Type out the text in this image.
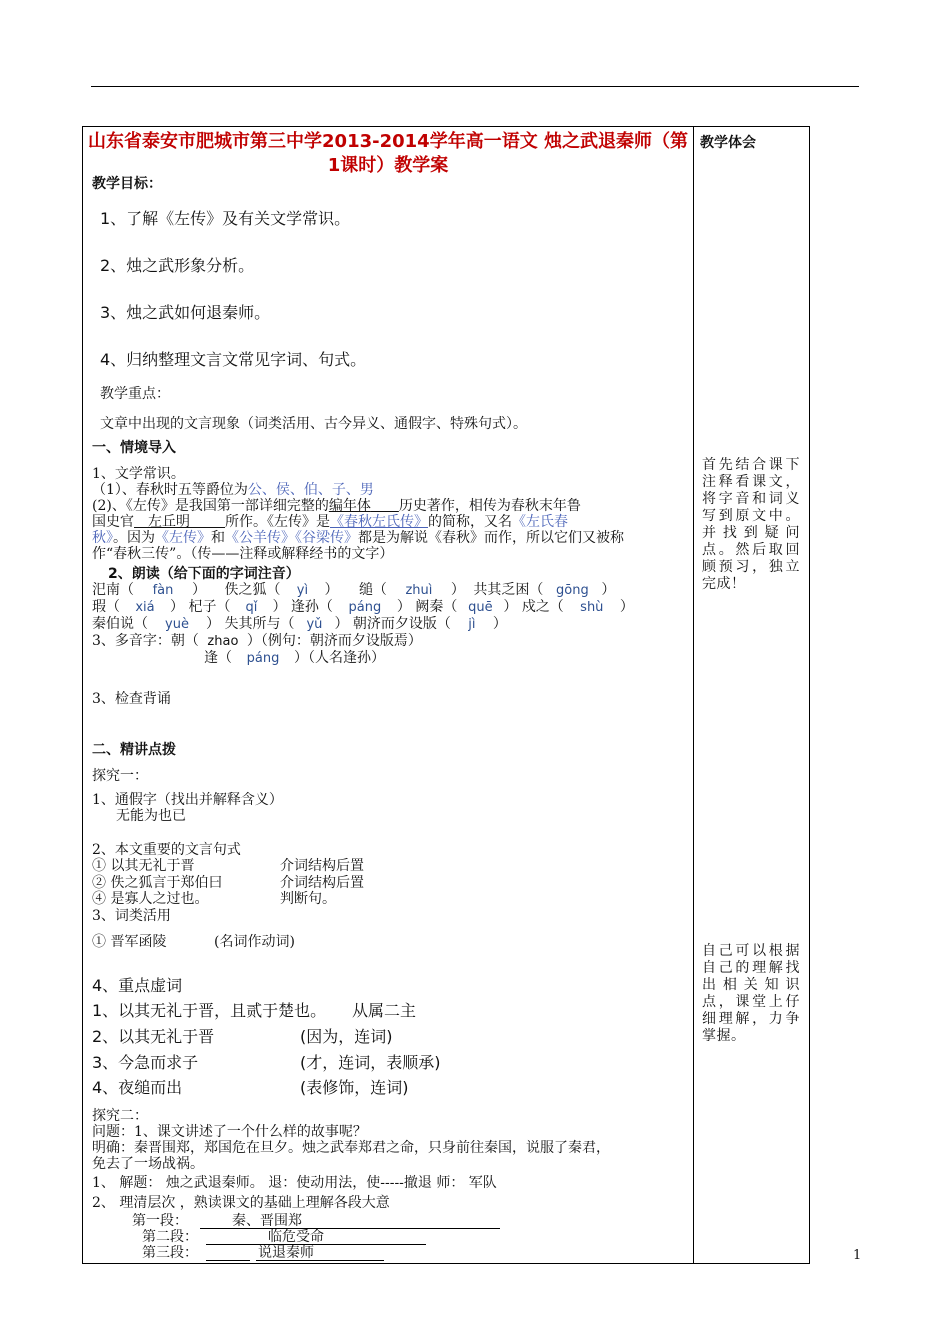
教学体会
首先结合课下注释看课文，将字音和词义写到原文中。并找到疑问点。然后取回顾预习，独立完成！
自己可以根据自己的理解找出相关知识点，课堂上仔细理解，力争掌握。
山东省泰安市肥城市第三中学2013-2014学年高一语文 烛之武退秦师（第1课时）教学案
教学目标：
1、了解《左传》及有关文学常识。
2、烛之武形象分析。
3、烛之武如何退秦师。
4、归纳整理文言文常见字词、句式。
教学重点：
文章中出现的文言现象（词类活用、古今异义、通假字、特殊句式）。
一、情境导入
1、文学常识。
（1）、春秋时五等爵位为公、侯、伯、子、男
(2)、《左传》是我国第一部详细完整的编年体   历史著作，相传为春秋末年鲁
国史官  左丘明   	所作。《左传》是《春秋左氏传》的简称，又名《左氏春
秋》。因为《左传》和《公羊传》《谷梁传》都是为解说《春秋》而作，所以它们又被称
作“春秋三传”。（传——注释或解释经书的文字）
2、朗读（给下面的字词注音）
汜南（ fàn ） 佚之狐（ yì ） 缒（ zhuì ） 共其乏困（ gōng ）
瑕（ xiá ） 杞子（ qǐ ） 逢孙（ páng ） 阙秦（ quē ） 戍之（ shù ）
秦伯说（ yuè ） 失其所与（ yǔ ） 朝济而夕设版（ jì ）
3、多音字：朝（ zhao ）（例句：朝济而夕设版焉）
逢（ páng ）（人名逢孙）
3、检查背诵
二、精讲点拨
探究一：
1、通假字（找出并解释含义）
无能为也已
2、本文重要的文言句式
① 以其无礼于晋	介词结构后置
② 佚之狐言于郑伯曰	介词结构后置
④ 是寡人之过也。	判断句。
3、词类活用
① 晋军函陵	(名词作动词)
4、重点虚词
1、以其无礼于晋，且贰于楚也。 从属二主
2、以其无礼于晋	(因为，连词)
3、今急而求子	(才，连词，表顺承)
4、夜缒而出	(表修饰，连词)
探究二：
问题：1、课文讲述了一个什么样的故事呢？
明确：秦晋围郑，郑国危在旦夕。烛之武奉郑君之命，只身前往秦国，说服了秦君，
免去了一场战祸。
1、 解题： 烛之武退秦师。 退：使动用法，使-----撤退 师： 军队
2、 理清层次 ，熟读课文的基础上理解各段大意
第一段：	秦、晋围郑
第二段：	临危受命
第三段：	说退秦师	1
